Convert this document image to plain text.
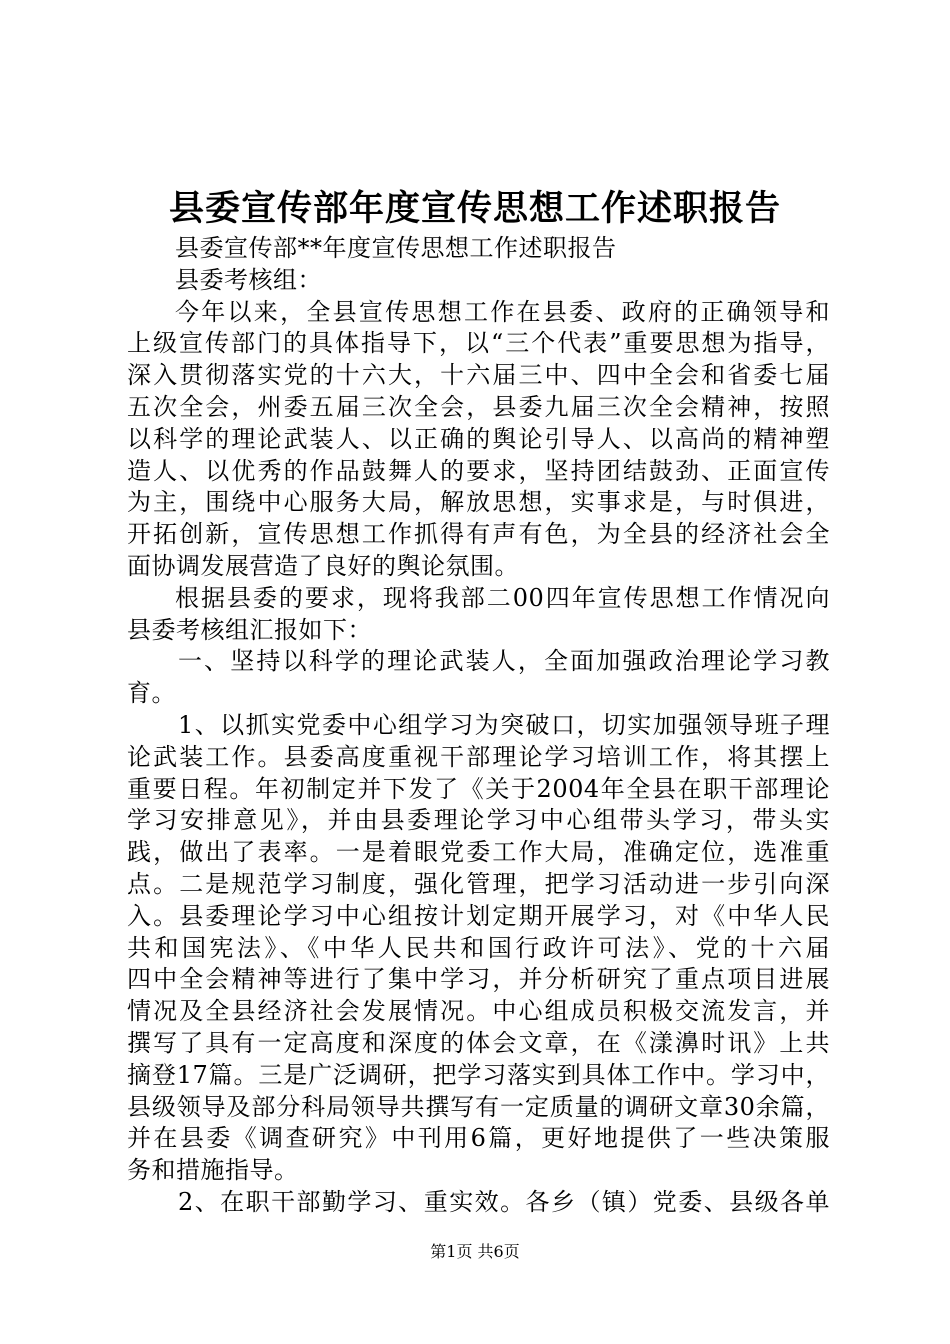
县委宣传部年度宣传思想工作述职报告
县委宣传部**年度宣传思想工作述职报告
县委考核组：
今年以来，全县宣传思想工作在县委、政府的正确领导和
上级宣传部门的具体指导下，以“三个代表”重要思想为指导，
深入贯彻落实党的十六大，十六届三中、四中全会和省委七届
五次全会，州委五届三次全会，县委九届三次全会精神，按照
以科学的理论武装人、以正确的舆论引导人、以高尚的精神塑
造人、以优秀的作品鼓舞人的要求，坚持团结鼓劲、正面宣传
为主，围绕中心服务大局，解放思想，实事求是，与时俱进，
开拓创新，宣传思想工作抓得有声有色，为全县的经济社会全
面协调发展营造了良好的舆论氛围。
根据县委的要求，现将我部二00四年宣传思想工作情况向
县委考核组汇报如下：
一、坚持以科学的理论武装人，全面加强政治理论学习教
育。
1、以抓实党委中心组学习为突破口，切实加强领导班子理
论武装工作。县委高度重视干部理论学习培训工作，将其摆上
重要日程。年初制定并下发了《关于2004年全县在职干部理论
学习安排意见》，并由县委理论学习中心组带头学习，带头实
践，做出了表率。一是着眼党委工作大局，准确定位，选准重
点。二是规范学习制度，强化管理，把学习活动进一步引向深
入。县委理论学习中心组按计划定期开展学习，对《中华人民
共和国宪法》、《中华人民共和国行政许可法》、党的十六届
四中全会精神等进行了集中学习，并分析研究了重点项目进展
情况及全县经济社会发展情况。中心组成员积极交流发言，并
撰写了具有一定高度和深度的体会文章，在《漾濞时讯》上共
摘登17篇。三是广泛调研，把学习落实到具体工作中。学习中，
县级领导及部分科局领导共撰写有一定质量的调研文章30余篇，
并在县委《调查研究》中刊用6篇，更好地提供了一些决策服
务和措施指导。
2、在职干部勤学习、重实效。各乡（镇）党委、县级各单
第1页 共6页
